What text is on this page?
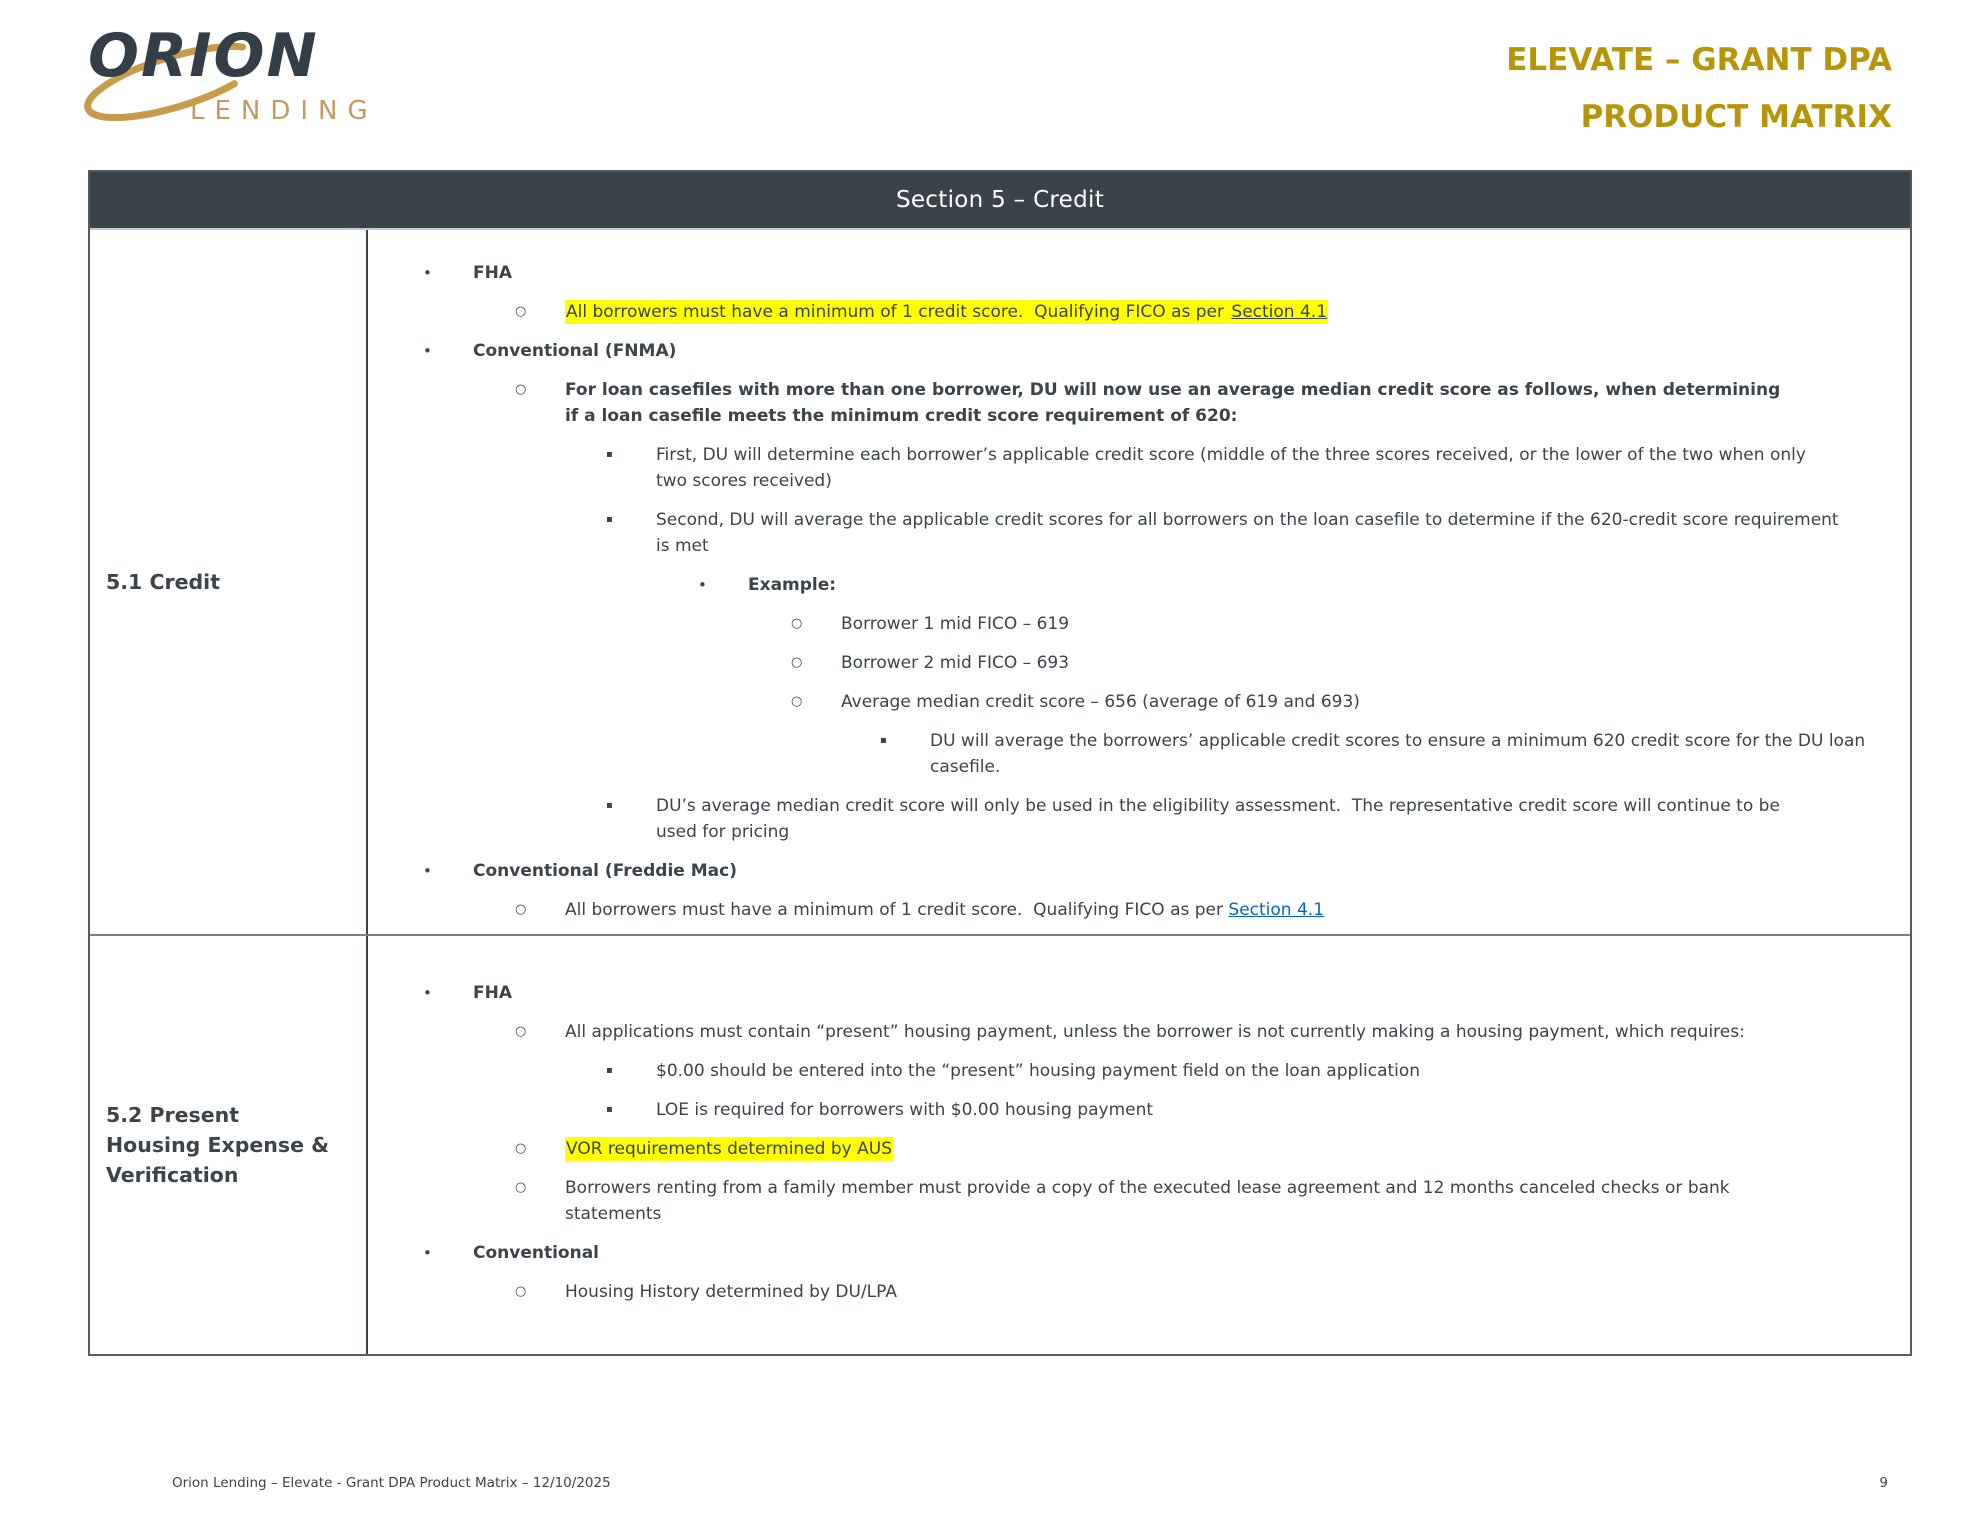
ORION
LENDING
ELEVATE – GRANT DPA
PRODUCT MATRIX
Section 5 – Credit
5.1 Credit
•	FHA
○	All borrowers must have a minimum of 1 credit score.  Qualifying FICO as per Section 4.1
•	Conventional (FNMA)
○	For loan casefiles with more than one borrower, DU will now use an average median credit score as follows, when determining if a loan casefile meets the minimum credit score requirement of 620:
▪	First, DU will determine each borrower’s applicable credit score (middle of the three scores received, or the lower of the two when only two scores received)
▪	Second, DU will average the applicable credit scores for all borrowers on the loan casefile to determine if the 620-credit score requirement is met
•	Example:
○	Borrower 1 mid FICO – 619
○	Borrower 2 mid FICO – 693
○	Average median credit score – 656 (average of 619 and 693)
▪	DU will average the borrowers’ applicable credit scores to ensure a minimum 620 credit score for the DU loan casefile.
▪	DU’s average median credit score will only be used in the eligibility assessment.  The representative credit score will continue to be used for pricing
•	Conventional (Freddie Mac)
○	All borrowers must have a minimum of 1 credit score.  Qualifying FICO as per Section 4.1
5.2 Present
Housing Expense &
Verification
•	FHA
○	All applications must contain “present” housing payment, unless the borrower is not currently making a housing payment, which requires:
▪	$0.00 should be entered into the “present” housing payment field on the loan application
▪	LOE is required for borrowers with $0.00 housing payment
○	VOR requirements determined by AUS
○	Borrowers renting from a family member must provide a copy of the executed lease agreement and 12 months canceled checks or bank statements
•	Conventional
○	Housing History determined by DU/LPA
Orion Lending – Elevate - Grant DPA Product Matrix – 12/10/2025	9
